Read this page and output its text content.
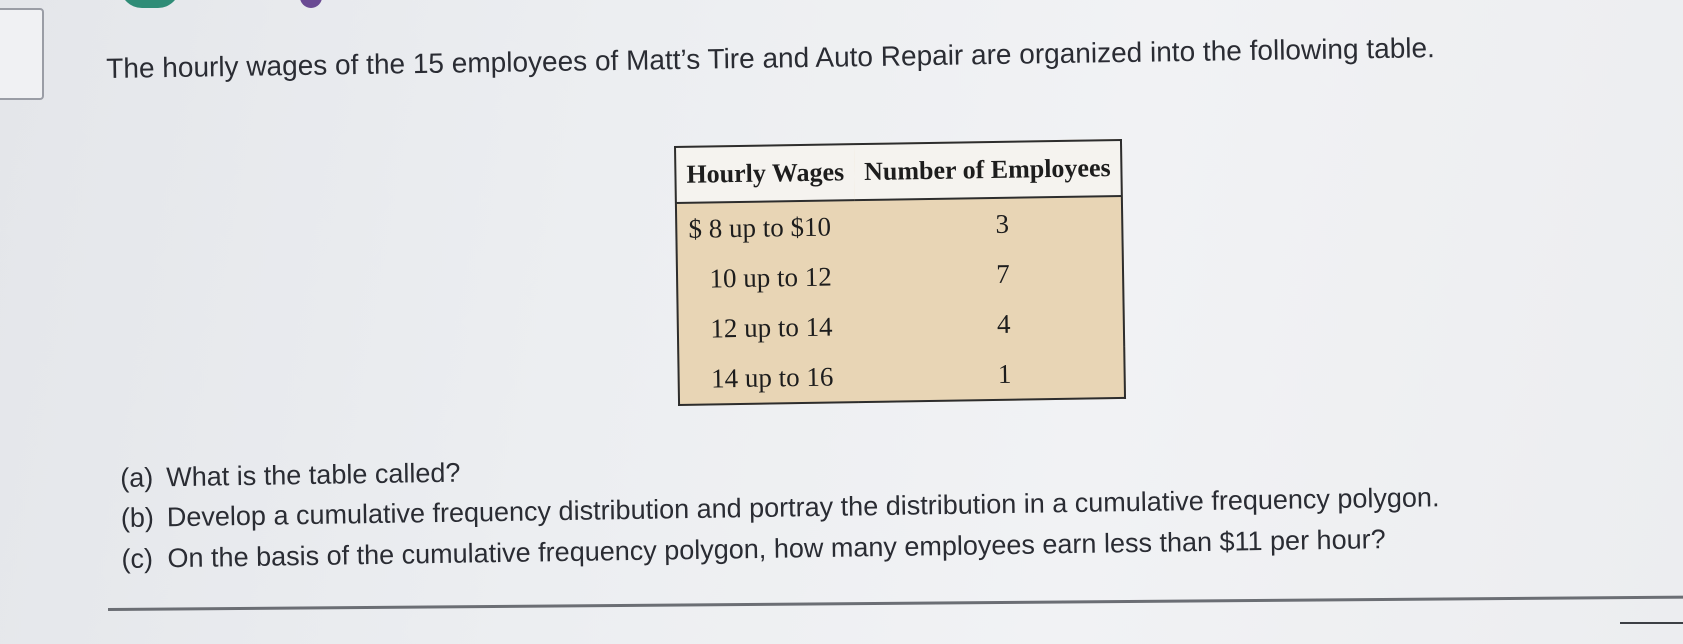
The hourly wages of the 15 employees of Matt’s Tire and Auto Repair are organized into the following table.

Hourly Wages	Number of Employees
$ 8 up to $10	3
10 up to 12	7
12 up to 14	4
14 up to 16	1
(a) What is the table called?
(b) Develop a cumulative frequency distribution and portray the distribution in a cumulative frequency polygon.
(c) On the basis of the cumulative frequency polygon, how many employees earn less than $11 per hour?
